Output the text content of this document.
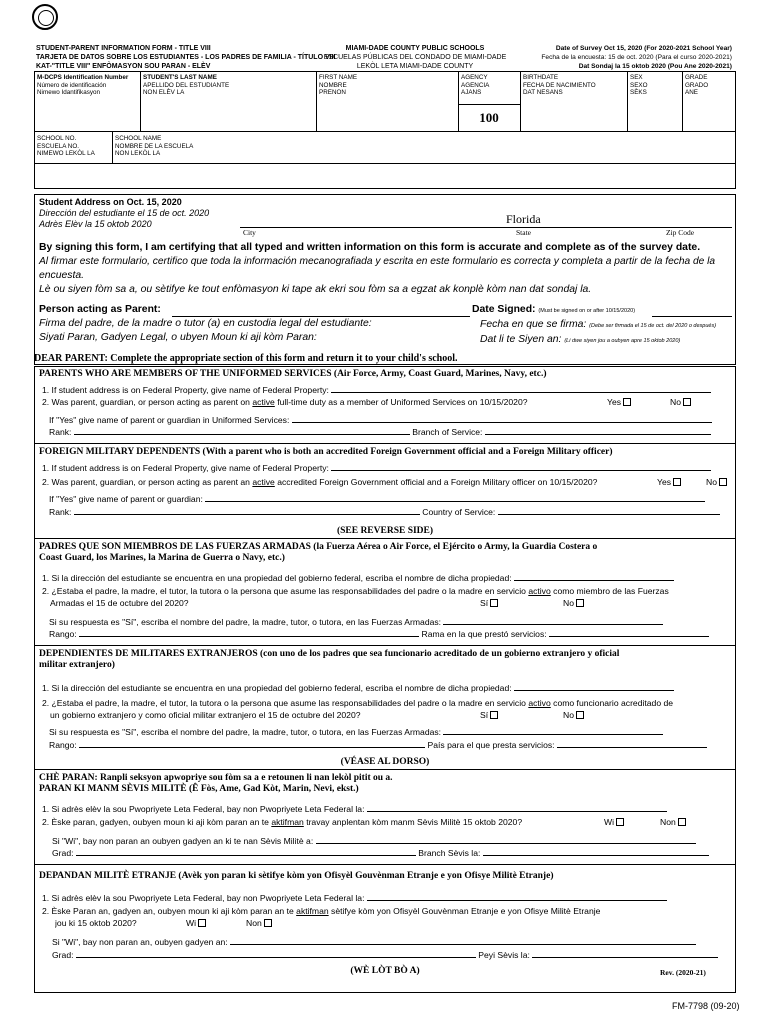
STUDENT-PARENT INFORMATION FORM - TITLE VIII
TARJETA DE DATOS SOBRE LOS ESTUDIANTES - LOS PADRES DE FAMILIA - TÍTULO VIII
KAT-"TITLE VIII" ENFÒMASYON SOU PARAN - ELÈV
MIAMI-DADE COUNTY PUBLIC SCHOOLS
ESCUELAS PÚBLICAS DEL CONDADO DE MIAMI-DADE
LEKÒL LETA MIAMI-DADE COUNTY
Date of Survey Oct 15, 2020 (For 2020-2021 School Year)
Fecha de la encuesta: 15 de oct. 2020 (Para el curso 2020-2021)
Dat Sondaj la 15 oktob 2020 (Pou Ane 2020-2021)
M-DCPS Identification Number
Número de identificación
Nimewo Idantifikasyon
STUDENT'S LAST NAME
APELLIDO DEL ESTUDIANTE
NON ELÈV LA
FIRST NAME
NOMBRE
PRENON
AGENCY
AGENCIA
AJANS
100
BIRTHDATE
FECHA DE NACIMIENTO
DAT NESANS
SEX
SEXO
SÈKS
GRADE
GRADO
ANE
SCHOOL NO.
ESCUELA NO.
NIMEWO LEKÒL LA
SCHOOL NAME
NOMBRE DE LA ESCUELA
NON LEKÒL LA
Student Address on Oct. 15, 2020
Dirección del estudiante el 15 de oct. 2020
Adrès Elèv la 15 oktob 2020	Florida
City	State	Zip Code
By signing this form, I am certifying that all typed and written information on this form is accurate and complete as of the survey date.
Al firmar este formulario, certifico que toda la información mecanografiada y escrita en este formulario es correcta y completa a partir de la fecha de la
encuesta.
Lè ou siyen fòm sa a, ou sètifye ke tout enfòmasyon ki tape ak ekri sou fòm sa a egzat ak konplè kòm nan dat sondaj la.
Person acting as Parent:
Firma del padre, de la madre o tutor (a) en custodia legal del estudiante:
Siyati Paran, Gadyen Legal, o ubyen Moun ki aji kòm Paran:
Date Signed: (Must be signed on or after 10/15/2020)
Fecha en que se firma: (Debe ser firmada el 15 de oct. del 2020 o después)
Dat li te Siyen an: (Li dwe siyen jou a oubyen apre 15 oktob 2020)
DEAR PARENT: Complete the appropriate section of this form and return it to your child's school.
PARENTS WHO ARE MEMBERS OF THE UNIFORMED SERVICES (Air Force, Army, Coast Guard, Marines, Navy, etc.)
1. If student address is on Federal Property, give name of Federal Property:
2. Was parent, guardian, or person acting as parent on active full-time duty as a member of Uniformed Services on 10/15/2020?	Yes	No
If "Yes" give name of parent or guardian in Uniformed Services:
Rank:	Branch of Service:
FOREIGN MILITARY DEPENDENTS (With a parent who is both an accredited Foreign Government official and a Foreign Military officer)
1. If student address is on Federal Property, give name of Federal Property:
2. Was parent, guardian, or person acting as parent an active accredited Foreign Government official and a Foreign Military officer on 10/15/2020?	Yes	No
If "Yes" give name of parent or guardian:
Rank:	Country of Service:
(SEE REVERSE SIDE)
PADRES QUE SON MIEMBROS DE LAS FUERZAS ARMADAS (la Fuerza Aérea o Air Force, el Ejército o Army, la Guardia Costera o
Coast Guard, los Marines, la Marina de Guerra o Navy, etc.)
1. Si la dirección del estudiante se encuentra en una propiedad del gobierno federal, escriba el nombre de dicha propiedad:
2. ¿Estaba el padre, la madre, el tutor, la tutora o la persona que asume las responsabilidades del padre o la madre en servicio activo como miembro de las Fuerzas
Armadas el 15 de octubre del 2020?	Sí	No
Si su respuesta es "Sí", escriba el nombre del padre, la madre, tutor, o tutora, en las Fuerzas Armadas:
Rango:	Rama en la que prestó servicios:
DEPENDIENTES DE MILITARES EXTRANJEROS (con uno de los padres que sea funcionario acreditado de un gobierno extranjero y oficial
militar extranjero)
1. Si la dirección del estudiante se encuentra en una propiedad del gobierno federal, escriba el nombre de dicha propiedad:
2. ¿Estaba el padre, la madre, el tutor, la tutora o la persona que asume las responsabilidades del padre o la madre en servicio activo como funcionario acreditado de
un gobierno extranjero y como oficial militar extranjero el 15 de octubre del 2020?	Sí	No
Si su respuesta es "Sí", escriba el nombre del padre, la madre, tutor, o tutora, en las Fuerzas Armadas:
Rango:	País para el que presta servicios:
(VÉASE AL DORSO)
CHÈ PARAN: Ranpli seksyon apwopriye sou fòm sa a e retounen li nan lekòl pitit ou a.
PARAN KI MANM SÈVIS MILITÈ (Ê Fòs, Ame, Gad Kòt, Marin, Nevi, ekst.)
1. Si adrès elèv la sou Pwopriyete Leta Federal, bay non Pwopriyete Leta Federal la:
2. Èske paran, gadyen, oubyen moun ki aji kòm paran an te aktifman travay anplentan kòm manm Sèvis Militè 15 oktob 2020?	Wi	Non
Si "Wi", bay non paran an oubyen gadyen an ki te nan Sèvis Militè a:
Grad:	Branch Sèvis la:
DEPANDAN MILITÈ ETRANJE (Avèk yon paran ki sètifye kòm yon Ofisyèl Gouvènman Etranje e yon Ofisye Militè Etranje)
1. Si adrès elèv la sou Pwopriyete Leta Federal, bay non Pwopriyete Leta Federal la:
2. Èske Paran an, gadyen an, oubyen moun ki aji kòm paran an te aktifman sètifye kòm yon Ofisyèl Gouvènman Etranje e yon Ofisye Militè Etranje
jou ki 15 oktob 2020?	Wi	Non
Si "Wi", bay non paran an, oubyen gadyen an:
Grad:	Peyi Sèvis la:
(WÈ LÒT BÒ A)	Rev. (2020-21)
FM-7798 (09-20)
